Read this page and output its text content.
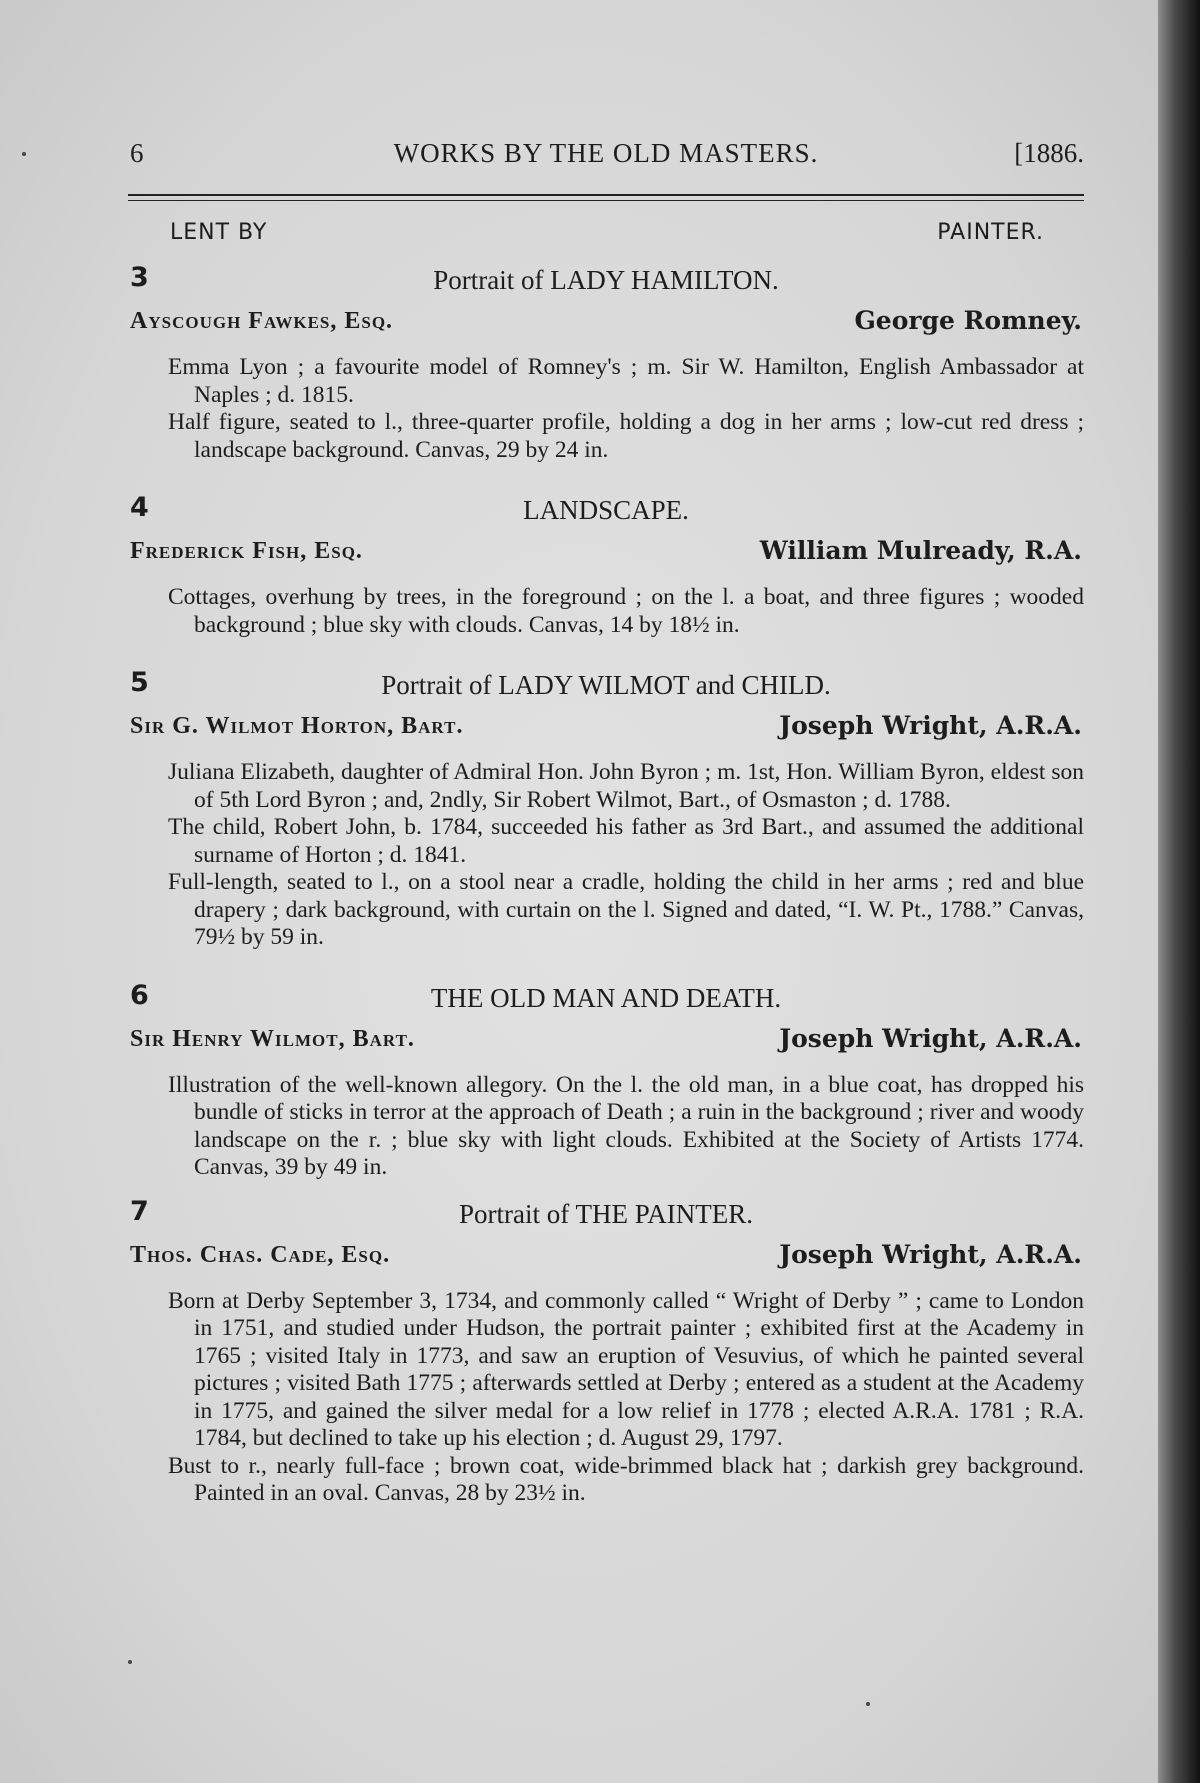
6	WORKS BY THE OLD MASTERS.	[1886.
LENT BY	PAINTER.
3	Portrait of LADY HAMILTON.
Ayscough Fawkes, Esq.	George Romney.

Emma Lyon ; a favourite model of Romney's ; m. Sir W. Hamilton, English Ambassador at Naples ; d. 1815.

Half figure, seated to l., three-quarter profile, holding a dog in her arms ; low-cut red dress ; landscape background. Canvas, 29 by 24 in.

4	LANDSCAPE.
Frederick Fish, Esq.	William Mulready, R.A.

Cottages, overhung by trees, in the foreground ; on the l. a boat, and three figures ; wooded background ; blue sky with clouds. Canvas, 14 by 18½ in.

5	Portrait of LADY WILMOT and CHILD.
Sir G. Wilmot Horton, Bart.	Joseph Wright, A.R.A.

Juliana Elizabeth, daughter of Admiral Hon. John Byron ; m. 1st, Hon. William Byron, eldest son of 5th Lord Byron ; and, 2ndly, Sir Robert Wilmot, Bart., of Osmaston ; d. 1788.

The child, Robert John, b. 1784, succeeded his father as 3rd Bart., and assumed the additional surname of Horton ; d. 1841.

Full-length, seated to l., on a stool near a cradle, holding the child in her arms ; red and blue drapery ; dark background, with curtain on the l. Signed and dated, “I. W. Pt., 1788.” Canvas, 79½ by 59 in.

6	THE OLD MAN AND DEATH.
Sir Henry Wilmot, Bart.	Joseph Wright, A.R.A.

Illustration of the well-known allegory. On the l. the old man, in a blue coat, has dropped his bundle of sticks in terror at the approach of Death ; a ruin in the background ; river and woody landscape on the r. ; blue sky with light clouds. Exhibited at the Society of Artists 1774. Canvas, 39 by 49 in.

7	Portrait of THE PAINTER.
Thos. Chas. Cade, Esq.	Joseph Wright, A.R.A.

Born at Derby September 3, 1734, and commonly called “ Wright of Derby ” ; came to London in 1751, and studied under Hudson, the portrait painter ; exhibited first at the Academy in 1765 ; visited Italy in 1773, and saw an eruption of Vesuvius, of which he painted several pictures ; visited Bath 1775 ; afterwards settled at Derby ; entered as a student at the Academy in 1775, and gained the silver medal for a low relief in 1778 ; elected A.R.A. 1781 ; R.A. 1784, but declined to take up his election ; d. August 29, 1797.

Bust to r., nearly full-face ; brown coat, wide-brimmed black hat ; darkish grey background. Painted in an oval. Canvas, 28 by 23½ in.
